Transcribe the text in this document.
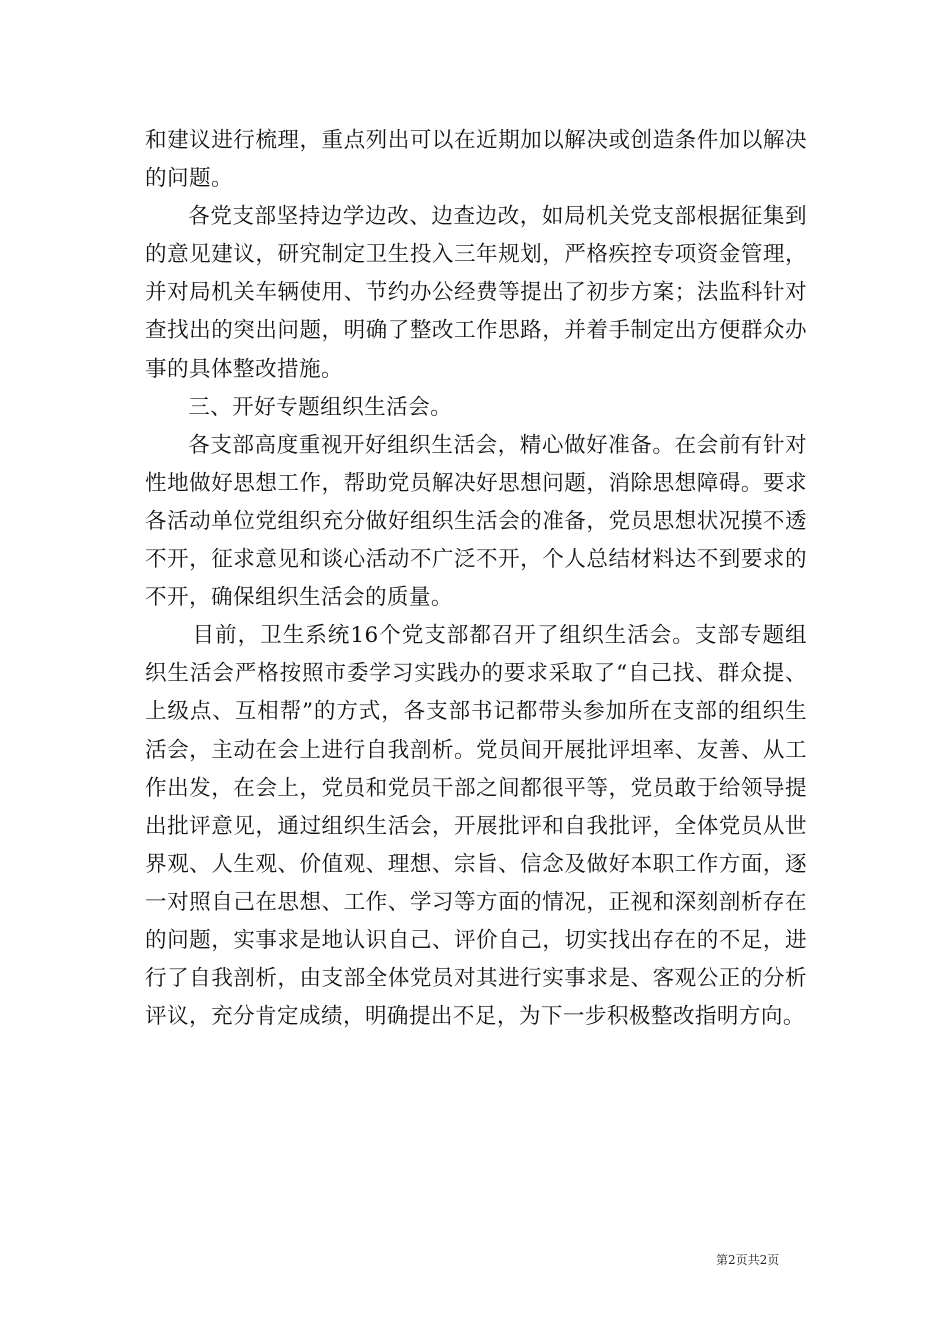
和建议进行梳理，重点列出可以在近期加以解决或创造条件加以解决的问题。

各党支部坚持边学边改、边查边改，如局机关党支部根据征集到的意见建议，研究制定卫生投入三年规划，严格疾控专项资金管理，并对局机关车辆使用、节约办公经费等提出了初步方案；法监科针对查找出的突出问题，明确了整改工作思路，并着手制定出方便群众办事的具体整改措施。

三、开好专题组织生活会。

各支部高度重视开好组织生活会，精心做好准备。在会前有针对性地做好思想工作，帮助党员解决好思想问题，消除思想障碍。要求各活动单位党组织充分做好组织生活会的准备，党员思想状况摸不透不开，征求意见和谈心活动不广泛不开，个人总结材料达不到要求的不开，确保组织生活会的质量。

目前，卫生系统16个党支部都召开了组织生活会。支部专题组织生活会严格按照市委学习实践办的要求采取了“自己找、群众提、上级点、互相帮”的方式，各支部书记都带头参加所在支部的组织生活会，主动在会上进行自我剖析。党员间开展批评坦率、友善、从工作出发，在会上，党员和党员干部之间都很平等，党员敢于给领导提出批评意见，通过组织生活会，开展批评和自我批评，全体党员从世界观、人生观、价值观、理想、宗旨、信念及做好本职工作方面，逐一对照自己在思想、工作、学习等方面的情况，正视和深刻剖析存在的问题，实事求是地认识自己、评价自己，切实找出存在的不足，进行了自我剖析，由支部全体党员对其进行实事求是、客观公正的分析评议，充分肯定成绩，明确提出不足，为下一步积极整改指明方向。

第2页共2页
